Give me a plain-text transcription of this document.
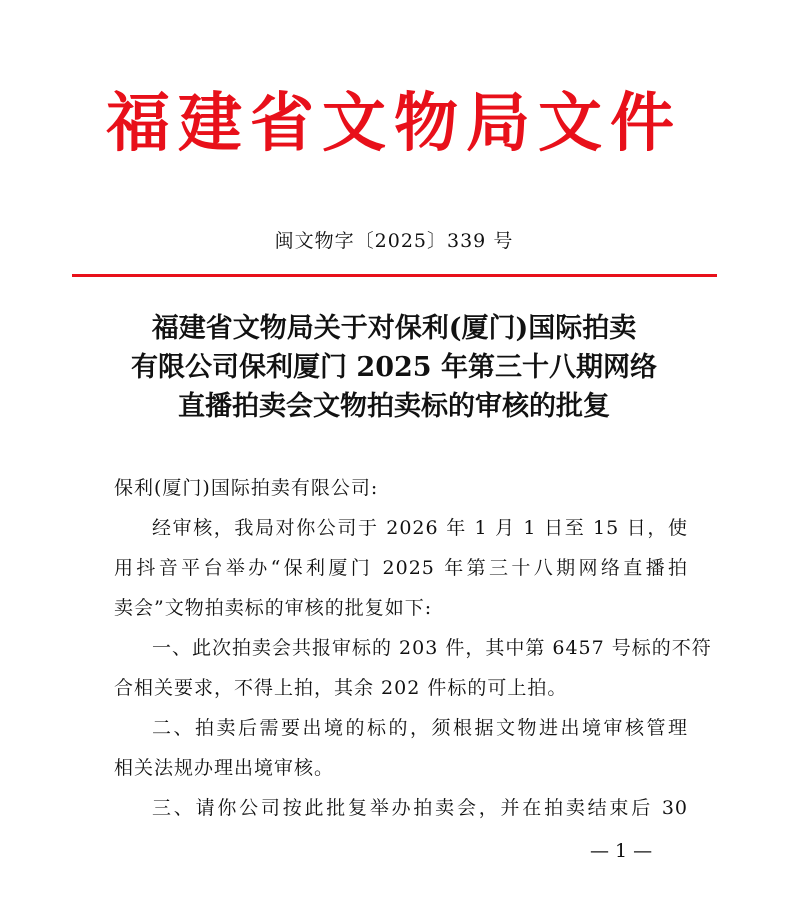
福建省文物局文件
闽文物字〔2025〕339 号
福建省文物局关于对保利(厦门)国际拍卖
有限公司保利厦门 2025 年第三十八期网络
直播拍卖会文物拍卖标的审核的批复
保利(厦门)国际拍卖有限公司:
经审核，我局对你公司于 2026 年 1 月 1 日至 15 日，使
用抖音平台举办“保利厦门 2025 年第三十八期网络直播拍
卖会”文物拍卖标的审核的批复如下:
一、此次拍卖会共报审标的 203 件，其中第 6457 号标的不符
合相关要求，不得上拍，其余 202 件标的可上拍。
二、拍卖后需要出境的标的，须根据文物进出境审核管理
相关法规办理出境审核。
三、请你公司按此批复举办拍卖会，并在拍卖结束后 30
— 1 —
